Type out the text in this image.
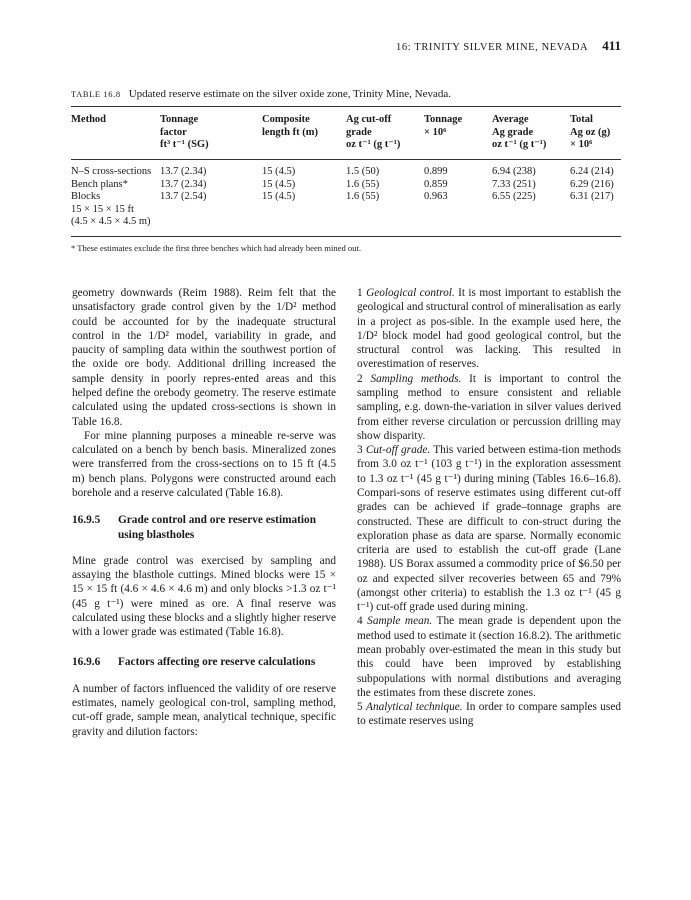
16: TRINITY SILVER MINE, NEVADA 411
TABLE 16.8 Updated reserve estimate on the silver oxide zone, Trinity Mine, Nevada.
Method	Tonnage
factor
ft³ t⁻¹ (SG)
Composite
length ft (m)
Ag cut-off
grade
oz t⁻¹ (g t⁻¹)
Tonnage
× 10⁶
Average
Ag grade
oz t⁻¹ (g t⁻¹)
Total
Ag oz (g)
× 10⁶
N–S cross-sections
Bench plans*
Blocks
15 × 15 × 15 ft
(4.5 × 4.5 × 4.5 m)
13.7 (2.34)
13.7 (2.34)
13.7 (2.54)
15 (4.5)
15 (4.5)
15 (4.5)
1.5 (50)
1.6 (55)
1.6 (55)
0.899
0.859
0.963
6.94 (238)
7.33 (251)
6.55 (225)
6.24 (214)
6.29 (216)
6.31 (217)
* These estimates exclude the first three benches which had already been mined out.

geometry downwards (Reim 1988). Reim felt that the unsatisfactory grade control given by the 1/D² method could be accounted for by the inadequate structural control in the 1/D² model, variability in grade, and paucity of sampling data within the southwest portion of the oxide ore body. Additional drilling increased the sample density in poorly repres-ented areas and this helped define the orebody geometry. The reserve estimate calculated using the updated cross-sections is shown in Table 16.8.

For mine planning purposes a mineable re-serve was calculated on a bench by bench basis. Mineralized zones were transferred from the cross-sections on to 15 ft (4.5 m) bench plans. Polygons were constructed around each borehole and a reserve calculated (Table 16.8).

16.9.5 Grade control and ore reserve estimation using blastholes

Mine grade control was exercised by sampling and assaying the blasthole cuttings. Mined blocks were 15 × 15 × 15 ft (4.6 × 4.6 × 4.6 m) and only blocks >1.3 oz t⁻¹ (45 g t⁻¹) were mined as ore. A final reserve was calculated using these blocks and a slightly higher reserve with a lower grade was estimated (Table 16.8).

16.9.6 Factors affecting ore reserve calculations

A number of factors influenced the validity of ore reserve estimates, namely geological con-trol, sampling method, cut-off grade, sample mean, analytical technique, specific gravity and dilution factors:

1 Geological control. It is most important to establish the geological and structural control of mineralisation as early in a project as pos-sible. In the example used here, the 1/D² block model had good geological control, but the structural control was lacking. This resulted in overestimation of reserves.

2 Sampling methods. It is important to control the sampling method to ensure consistent and reliable sampling, e.g. down-the-variation in silver values derived from either reverse circulation or percussion drilling may show disparity.

3 Cut-off grade. This varied between estima-tion methods from 3.0 oz t⁻¹ (103 g t⁻¹) in the exploration assessment to 1.3 oz t⁻¹ (45 g t⁻¹) during mining (Tables 16.6–16.8). Compari-sons of reserve estimates using different cut-off grades can be achieved if grade–tonnage graphs are constructed. These are difficult to con-struct during the exploration phase as data are sparse. Normally economic criteria are used to establish the cut-off grade (Lane 1988). US Borax assumed a commodity price of $6.50 per oz and expected silver recoveries between 65 and 79% (amongst other criteria) to establish the 1.3 oz t⁻¹ (45 g t⁻¹) cut-off grade used during mining.

4 Sample mean. The mean grade is dependent upon the method used to estimate it (section 16.8.2). The arithmetic mean probably over-estimated the mean in this study but this could have been improved by establishing subpopulations with normal distibutions and averaging the estimates from these discrete zones.

5 Analytical technique. In order to compare samples used to estimate reserves using
